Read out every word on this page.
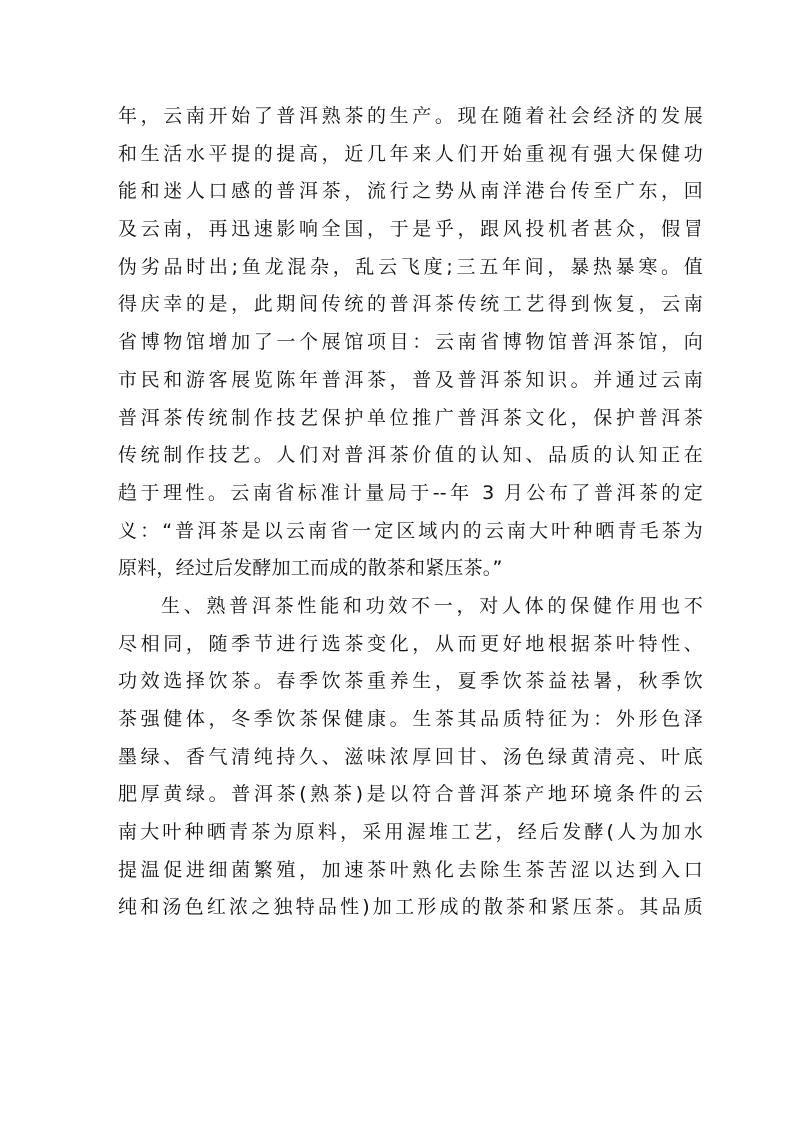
年，云南开始了普洱熟茶的生产。现在随着社会经济的发展
和生活水平提的提高，近几年来人们开始重视有强大保健功
能和迷人口感的普洱茶，流行之势从南洋港台传至广东，回
及云南，再迅速影响全国，于是乎，跟风投机者甚众，假冒
伪劣品时出;鱼龙混杂，乱云飞度;三五年间，暴热暴寒。值
得庆幸的是，此期间传统的普洱茶传统工艺得到恢复，云南
省博物馆增加了一个展馆项目：云南省博物馆普洱茶馆，向
市民和游客展览陈年普洱茶，普及普洱茶知识。并通过云南
普洱茶传统制作技艺保护单位推广普洱茶文化，保护普洱茶
传统制作技艺。人们对普洱茶价值的认知、品质的认知正在
趋于理性。云南省标准计量局于--年 3 月公布了普洱茶的定
义：“普洱茶是以云南省一定区域内的云南大叶种晒青毛茶为
原料，经过后发酵加工而成的散茶和紧压茶。”
生、熟普洱茶性能和功效不一，对人体的保健作用也不
尽相同，随季节进行选茶变化，从而更好地根据茶叶特性、
功效选择饮茶。春季饮茶重养生，夏季饮茶益祛暑，秋季饮
茶强健体，冬季饮茶保健康。生茶其品质特征为：外形色泽
墨绿、香气清纯持久、滋味浓厚回甘、汤色绿黄清亮、叶底
肥厚黄绿。普洱茶(熟茶)是以符合普洱茶产地环境条件的云
南大叶种晒青茶为原料，采用渥堆工艺，经后发酵(人为加水
提温促进细菌繁殖，加速茶叶熟化去除生茶苦涩以达到入口
纯和汤色红浓之独特品性)加工形成的散茶和紧压茶。其品质
